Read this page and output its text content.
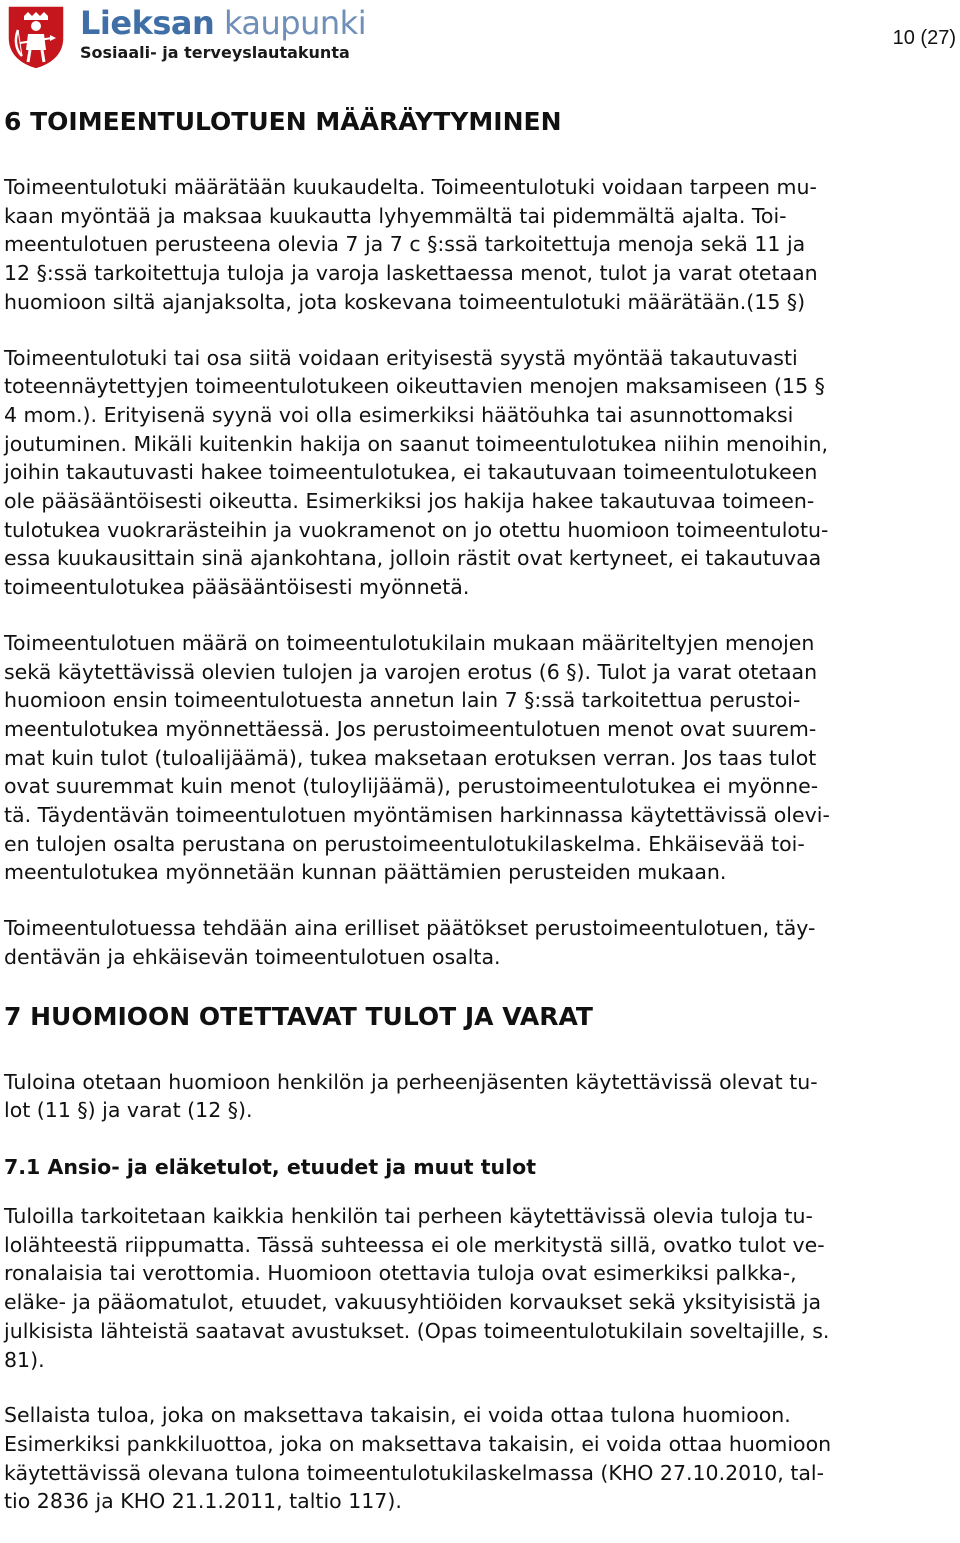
Lieksan kaupunki
Sosiaali- ja terveyslautakunta
10 (27)
6 TOIMEENTULOTUEN MÄÄRÄYTYMINEN
Toimeentulotuki määrätään kuukaudelta. Toimeentulotuki voidaan tarpeen mu-
kaan myöntää ja maksaa kuukautta lyhyemmältä tai pidemmältä ajalta. Toi-
meentulotuen perusteena olevia 7 ja 7 c §:ssä tarkoitettuja menoja sekä 11 ja
12 §:ssä tarkoitettuja tuloja ja varoja laskettaessa menot, tulot ja varat otetaan
huomioon siltä ajanjaksolta, jota koskevana toimeentulotuki määrätään.(15 §)
Toimeentulotuki tai osa siitä voidaan erityisestä syystä myöntää takautuvasti
toteennäytettyjen toimeentulotukeen oikeuttavien menojen maksamiseen (15 §
4 mom.). Erityisenä syynä voi olla esimerkiksi häätöuhka tai asunnottomaksi
joutuminen. Mikäli kuitenkin hakija on saanut toimeentulotukea niihin menoihin,
joihin takautuvasti hakee toimeentulotukea, ei takautuvaan toimeentulotukeen
ole pääsääntöisesti oikeutta. Esimerkiksi jos hakija hakee takautuvaa toimeen-
tulotukea vuokrarästeihin ja vuokramenot on jo otettu huomioon toimeentulotu-
essa kuukausittain sinä ajankohtana, jolloin rästit ovat kertyneet, ei takautuvaa
toimeentulotukea pääsääntöisesti myönnetä.
Toimeentulotuen määrä on toimeentulotukilain mukaan määriteltyjen menojen
sekä käytettävissä olevien tulojen ja varojen erotus (6 §). Tulot ja varat otetaan
huomioon ensin toimeentulotuesta annetun lain 7 §:ssä tarkoitettua perustoi-
meentulotukea myönnettäessä. Jos perustoimeentulotuen menot ovat suurem-
mat kuin tulot (tuloalijäämä), tukea maksetaan erotuksen verran. Jos taas tulot
ovat suuremmat kuin menot (tuloylijäämä), perustoimeentulotukea ei myönne-
tä. Täydentävän toimeentulotuen myöntämisen harkinnassa käytettävissä olevi-
en tulojen osalta perustana on perustoimeentulotukilaskelma. Ehkäisevää toi-
meentulotukea myönnetään kunnan päättämien perusteiden mukaan.
Toimeentulotuessa tehdään aina erilliset päätökset perustoimeentulotuen, täy-
dentävän ja ehkäisevän toimeentulotuen osalta.
7 HUOMIOON OTETTAVAT TULOT JA VARAT
Tuloina otetaan huomioon henkilön ja perheenjäsenten käytettävissä olevat tu-
lot (11 §) ja varat (12 §).
7.1 Ansio- ja eläketulot, etuudet ja muut tulot
Tuloilla tarkoitetaan kaikkia henkilön tai perheen käytettävissä olevia tuloja tu-
lolähteestä riippumatta. Tässä suhteessa ei ole merkitystä sillä, ovatko tulot ve-
ronalaisia tai verottomia. Huomioon otettavia tuloja ovat esimerkiksi palkka-,
eläke- ja pääomatulot, etuudet, vakuusyhtiöiden korvaukset sekä yksityisistä ja
julkisista lähteistä saatavat avustukset. (Opas toimeentulotukilain soveltajille, s.
81).
Sellaista tuloa, joka on maksettava takaisin, ei voida ottaa tulona huomioon.
Esimerkiksi pankkiluottoa, joka on maksettava takaisin, ei voida ottaa huomioon
käytettävissä olevana tulona toimeentulotukilaskelmassa (KHO 27.10.2010, tal-
tio 2836 ja KHO 21.1.2011, taltio 117).
